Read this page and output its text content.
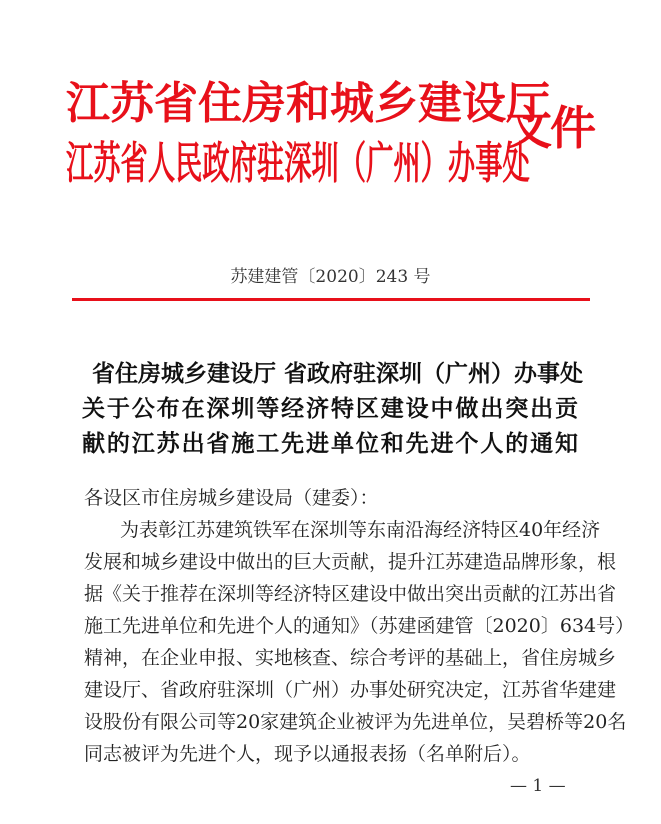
江苏省住房和城乡建设厅
江苏省人民政府驻深圳（广州）办事处
文件
苏建建管〔2020〕243 号
省住房城乡建设厅 省政府驻深圳（广州）办事处
关于公布在深圳等经济特区建设中做出突出贡
献的江苏出省施工先进单位和先进个人的通知
各设区市住房城乡建设局（建委）：
为表彰江苏建筑铁军在深圳等东南沿海经济特区40年经济
发展和城乡建设中做出的巨大贡献，提升江苏建造品牌形象，根
据《关于推荐在深圳等经济特区建设中做出突出贡献的江苏出省
施工先进单位和先进个人的通知》（苏建函建管〔2020〕634号）
精神，在企业申报、实地核查、综合考评的基础上，省住房城乡
建设厅、省政府驻深圳（广州）办事处研究决定，江苏省华建建
设股份有限公司等20家建筑企业被评为先进单位，吴碧桥等20名
同志被评为先进个人，现予以通报表扬（名单附后）。
— 1 —
